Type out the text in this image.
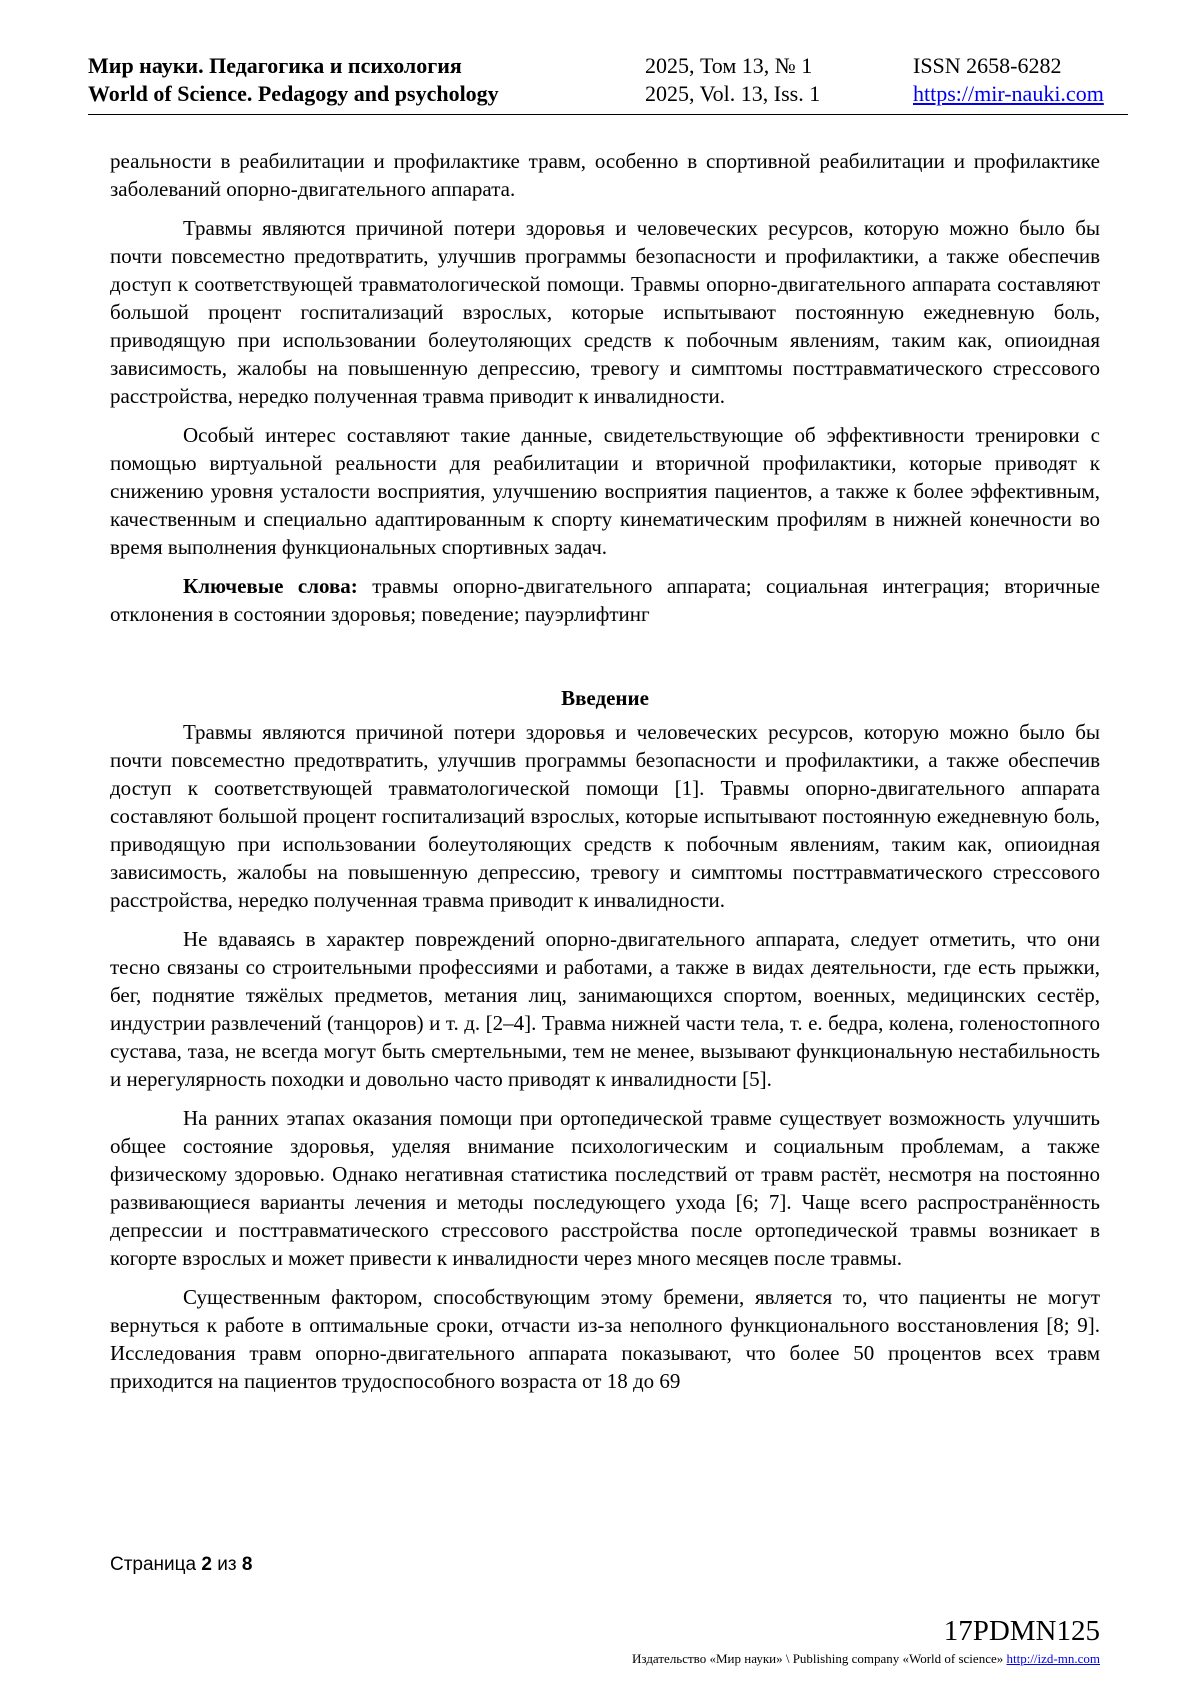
Мир науки. Педагогика и психология
World of Science. Pedagogy and psychology
2025, Том 13, № 1
2025, Vol. 13, Iss. 1
ISSN 2658-6282
https://mir-nauki.com

реальности в реабилитации и профилактике травм, особенно в спортивной реабилитации и профилактике заболеваний опорно-двигательного аппарата.

Травмы являются причиной потери здоровья и человеческих ресурсов, которую можно было бы почти повсеместно предотвратить, улучшив программы безопасности и профилактики, а также обеспечив доступ к соответствующей травматологической помощи. Травмы опорно-двигательного аппарата составляют большой процент госпитализаций взрослых, которые испытывают постоянную ежедневную боль, приводящую при использовании болеутоляющих средств к побочным явлениям, таким как, опиоидная зависимость, жалобы на повышенную депрессию, тревогу и симптомы посттравматического стрессового расстройства, нередко полученная травма приводит к инвалидности.

Особый интерес составляют такие данные, свидетельствующие об эффективности тренировки с помощью виртуальной реальности для реабилитации и вторичной профилактики, которые приводят к снижению уровня усталости восприятия, улучшению восприятия пациентов, а также к более эффективным, качественным и специально адаптированным к спорту кинематическим профилям в нижней конечности во время выполнения функциональных спортивных задач.

Ключевые слова: травмы опорно-двигательного аппарата; социальная интеграция; вторичные отклонения в состоянии здоровья; поведение; пауэрлифтинг

Введение

Травмы являются причиной потери здоровья и человеческих ресурсов, которую можно было бы почти повсеместно предотвратить, улучшив программы безопасности и профилактики, а также обеспечив доступ к соответствующей травматологической помощи [1]. Травмы опорно-двигательного аппарата составляют большой процент госпитализаций взрослых, которые испытывают постоянную ежедневную боль, приводящую при использовании болеутоляющих средств к побочным явлениям, таким как, опиоидная зависимость, жалобы на повышенную депрессию, тревогу и симптомы посттравматического стрессового расстройства, нередко полученная травма приводит к инвалидности.

Не вдаваясь в характер повреждений опорно-двигательного аппарата, следует отметить, что они тесно связаны со строительными профессиями и работами, а также в видах деятельности, где есть прыжки, бег, поднятие тяжёлых предметов, метания лиц, занимающихся спортом, военных, медицинских сестёр, индустрии развлечений (танцоров) и т. д. [2–4]. Травма нижней части тела, т. е. бедра, колена, голеностопного сустава, таза, не всегда могут быть смертельными, тем не менее, вызывают функциональную нестабильность и нерегулярность походки и довольно часто приводят к инвалидности [5].

На ранних этапах оказания помощи при ортопедической травме существует возможность улучшить общее состояние здоровья, уделяя внимание психологическим и социальным проблемам, а также физическому здоровью. Однако негативная статистика последствий от травм растёт, несмотря на постоянно развивающиеся варианты лечения и методы последующего ухода [6; 7]. Чаще всего распространённость депрессии и посттравматического стрессового расстройства после ортопедической травмы возникает в когорте взрослых и может привести к инвалидности через много месяцев после травмы.

Существенным фактором, способствующим этому бремени, является то, что пациенты не могут вернуться к работе в оптимальные сроки, отчасти из-за неполного функционального восстановления [8; 9]. Исследования травм опорно-двигательного аппарата показывают, что более 50 процентов всех травм приходится на пациентов трудоспособного возраста от 18 до 69

Страница 2 из 8
17PDMN125
Издательство «Мир науки» \ Publishing company «World of science» http://izd-mn.com
